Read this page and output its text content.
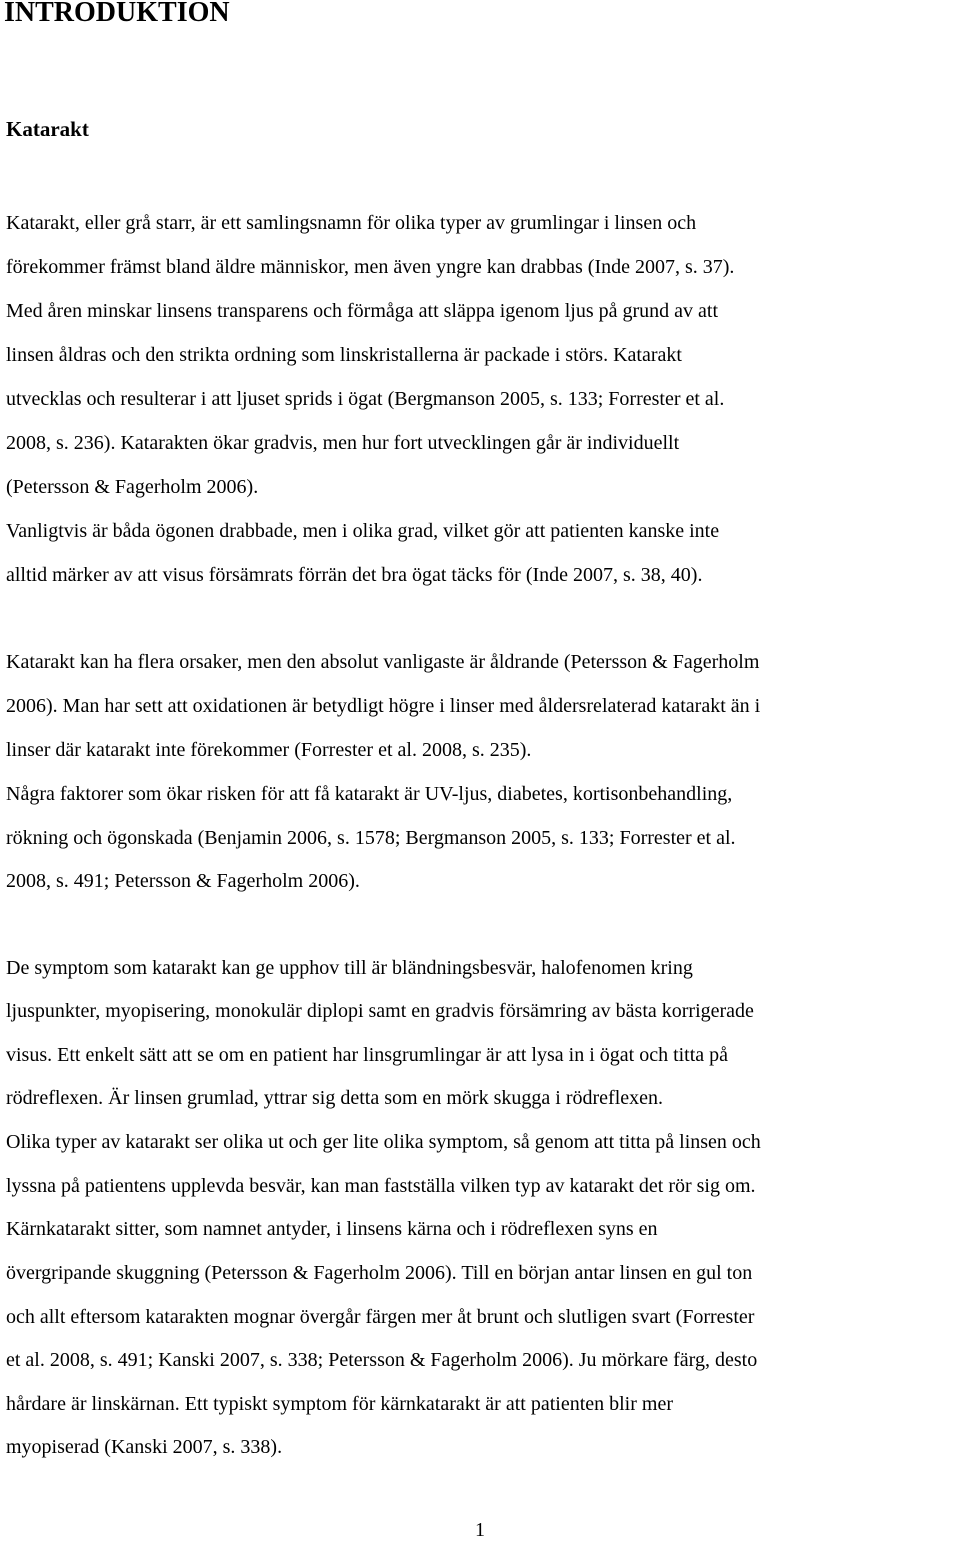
INTRODUKTION
Katarakt

Katarakt, eller grå starr, är ett samlingsnamn för olika typer av grumlingar i linsen och

förekommer främst bland äldre människor, men även yngre kan drabbas (Inde 2007, s. 37).

Med åren minskar linsens transparens och förmåga att släppa igenom ljus på grund av att

linsen åldras och den strikta ordning som linskristallerna är packade i störs. Katarakt

utvecklas och resulterar i att ljuset sprids i ögat (Bergmanson 2005, s. 133; Forrester et al.

2008, s. 236). Katarakten ökar gradvis, men hur fort utvecklingen går är individuellt

(Petersson & Fagerholm 2006).

Vanligtvis är båda ögonen drabbade, men i olika grad, vilket gör att patienten kanske inte

alltid märker av att visus försämrats förrän det bra ögat täcks för (Inde 2007, s. 38, 40).

Katarakt kan ha flera orsaker, men den absolut vanligaste är åldrande (Petersson & Fagerholm

2006). Man har sett att oxidationen är betydligt högre i linser med åldersrelaterad katarakt än i

linser där katarakt inte förekommer (Forrester et al. 2008, s. 235).

Några faktorer som ökar risken för att få katarakt är UV-ljus, diabetes, kortisonbehandling,

rökning och ögonskada (Benjamin 2006, s. 1578; Bergmanson 2005, s. 133; Forrester et al.

2008, s. 491; Petersson & Fagerholm 2006).

De symptom som katarakt kan ge upphov till är bländningsbesvär, halofenomen kring

ljuspunkter, myopisering, monokulär diplopi samt en gradvis försämring av bästa korrigerade

visus. Ett enkelt sätt att se om en patient har linsgrumlingar är att lysa in i ögat och titta på

rödreflexen. Är linsen grumlad, yttrar sig detta som en mörk skugga i rödreflexen.

Olika typer av katarakt ser olika ut och ger lite olika symptom, så genom att titta på linsen och

lyssna på patientens upplevda besvär, kan man fastställa vilken typ av katarakt det rör sig om.

Kärnkatarakt sitter, som namnet antyder, i linsens kärna och i rödreflexen syns en

övergripande skuggning (Petersson & Fagerholm 2006). Till en början antar linsen en gul ton

och allt eftersom katarakten mognar övergår färgen mer åt brunt och slutligen svart (Forrester

et al. 2008, s. 491; Kanski 2007, s. 338; Petersson & Fagerholm 2006). Ju mörkare färg, desto

hårdare är linskärnan. Ett typiskt symptom för kärnkatarakt är att patienten blir mer

myopiserad (Kanski 2007, s. 338).

1
